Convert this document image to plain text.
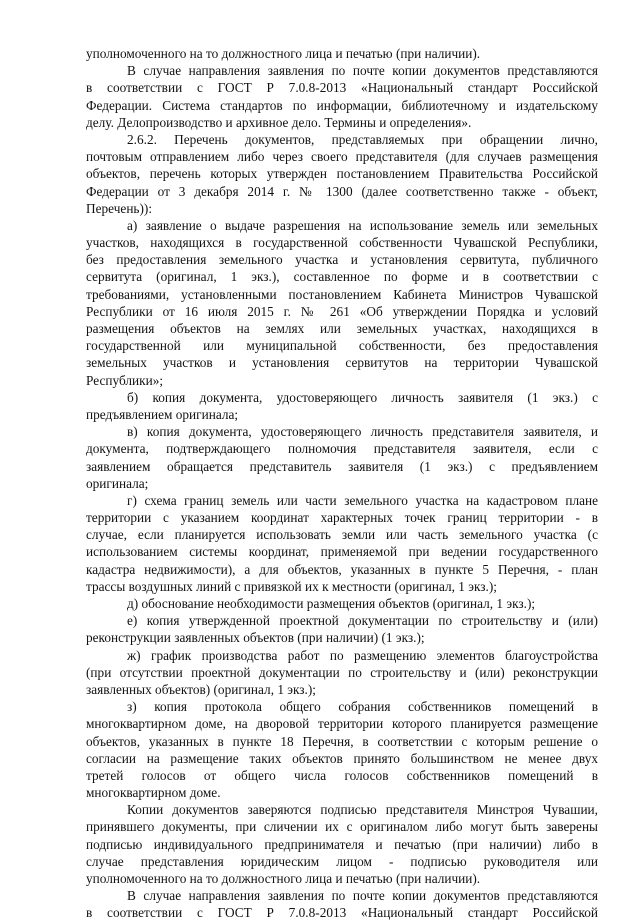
уполномоченного на то должностного лица и печатью (при наличии).
В случае направления заявления по почте копии документов представляются
в соответствии с ГОСТ Р 7.0.8-2013 «Национальный стандарт Российской
Федерации. Система стандартов по информации, библиотечному и издательскому
делу. Делопроизводство и архивное дело. Термины и определения».
2.6.2. Перечень документов, представляемых при обращении лично,
почтовым отправлением либо через своего представителя (для случаев размещения
объектов, перечень которых утвержден постановлением Правительства Российской
Федерации от 3 декабря 2014 г. № 1300 (далее соответственно также - объект,
Перечень)):
а) заявление о выдаче разрешения на использование земель или земельных
участков, находящихся в государственной собственности Чувашской Республики,
без предоставления земельного участка и установления сервитута, публичного
сервитута (оригинал, 1 экз.), составленное по форме и в соответствии с
требованиями, установленными постановлением Кабинета Министров Чувашской
Республики от 16 июля 2015 г. № 261 «Об утверждении Порядка и условий
размещения объектов на землях или земельных участках, находящихся в
государственной или муниципальной собственности, без предоставления
земельных участков и установления сервитутов на территории Чувашской
Республики»;
б) копия документа, удостоверяющего личность заявителя (1 экз.) с
предъявлением оригинала;
в) копия документа, удостоверяющего личность представителя заявителя, и
документа, подтверждающего полномочия представителя заявителя, если с
заявлением обращается представитель заявителя (1 экз.) с предъявлением
оригинала;
г) схема границ земель или части земельного участка на кадастровом плане
территории с указанием координат характерных точек границ территории - в
случае, если планируется использовать земли или часть земельного участка (с
использованием системы координат, применяемой при ведении государственного
кадастра недвижимости), а для объектов, указанных в пункте 5 Перечня, - план
трассы воздушных линий с привязкой их к местности (оригинал, 1 экз.);
д) обоснование необходимости размещения объектов (оригинал, 1 экз.);
е) копия утвержденной проектной документации по строительству и (или)
реконструкции заявленных объектов (при наличии) (1 экз.);
ж) график производства работ по размещению элементов благоустройства
(при отсутствии проектной документации по строительству и (или) реконструкции
заявленных объектов) (оригинал, 1 экз.);
з) копия протокола общего собрания собственников помещений в
многоквартирном доме, на дворовой территории которого планируется размещение
объектов, указанных в пункте 18 Перечня, в соответствии с которым решение о
согласии на размещение таких объектов принято большинством не менее двух
третей голосов от общего числа голосов собственников помещений в
многоквартирном доме.
Копии документов заверяются подписью представителя Минстроя Чувашии,
принявшего документы, при сличении их с оригиналом либо могут быть заверены
подписью индивидуального предпринимателя и печатью (при наличии) либо в
случае представления юридическим лицом - подписью руководителя или
уполномоченного на то должностного лица и печатью (при наличии).
В случае направления заявления по почте копии документов представляются
в соответствии с ГОСТ Р 7.0.8-2013 «Национальный стандарт Российской
